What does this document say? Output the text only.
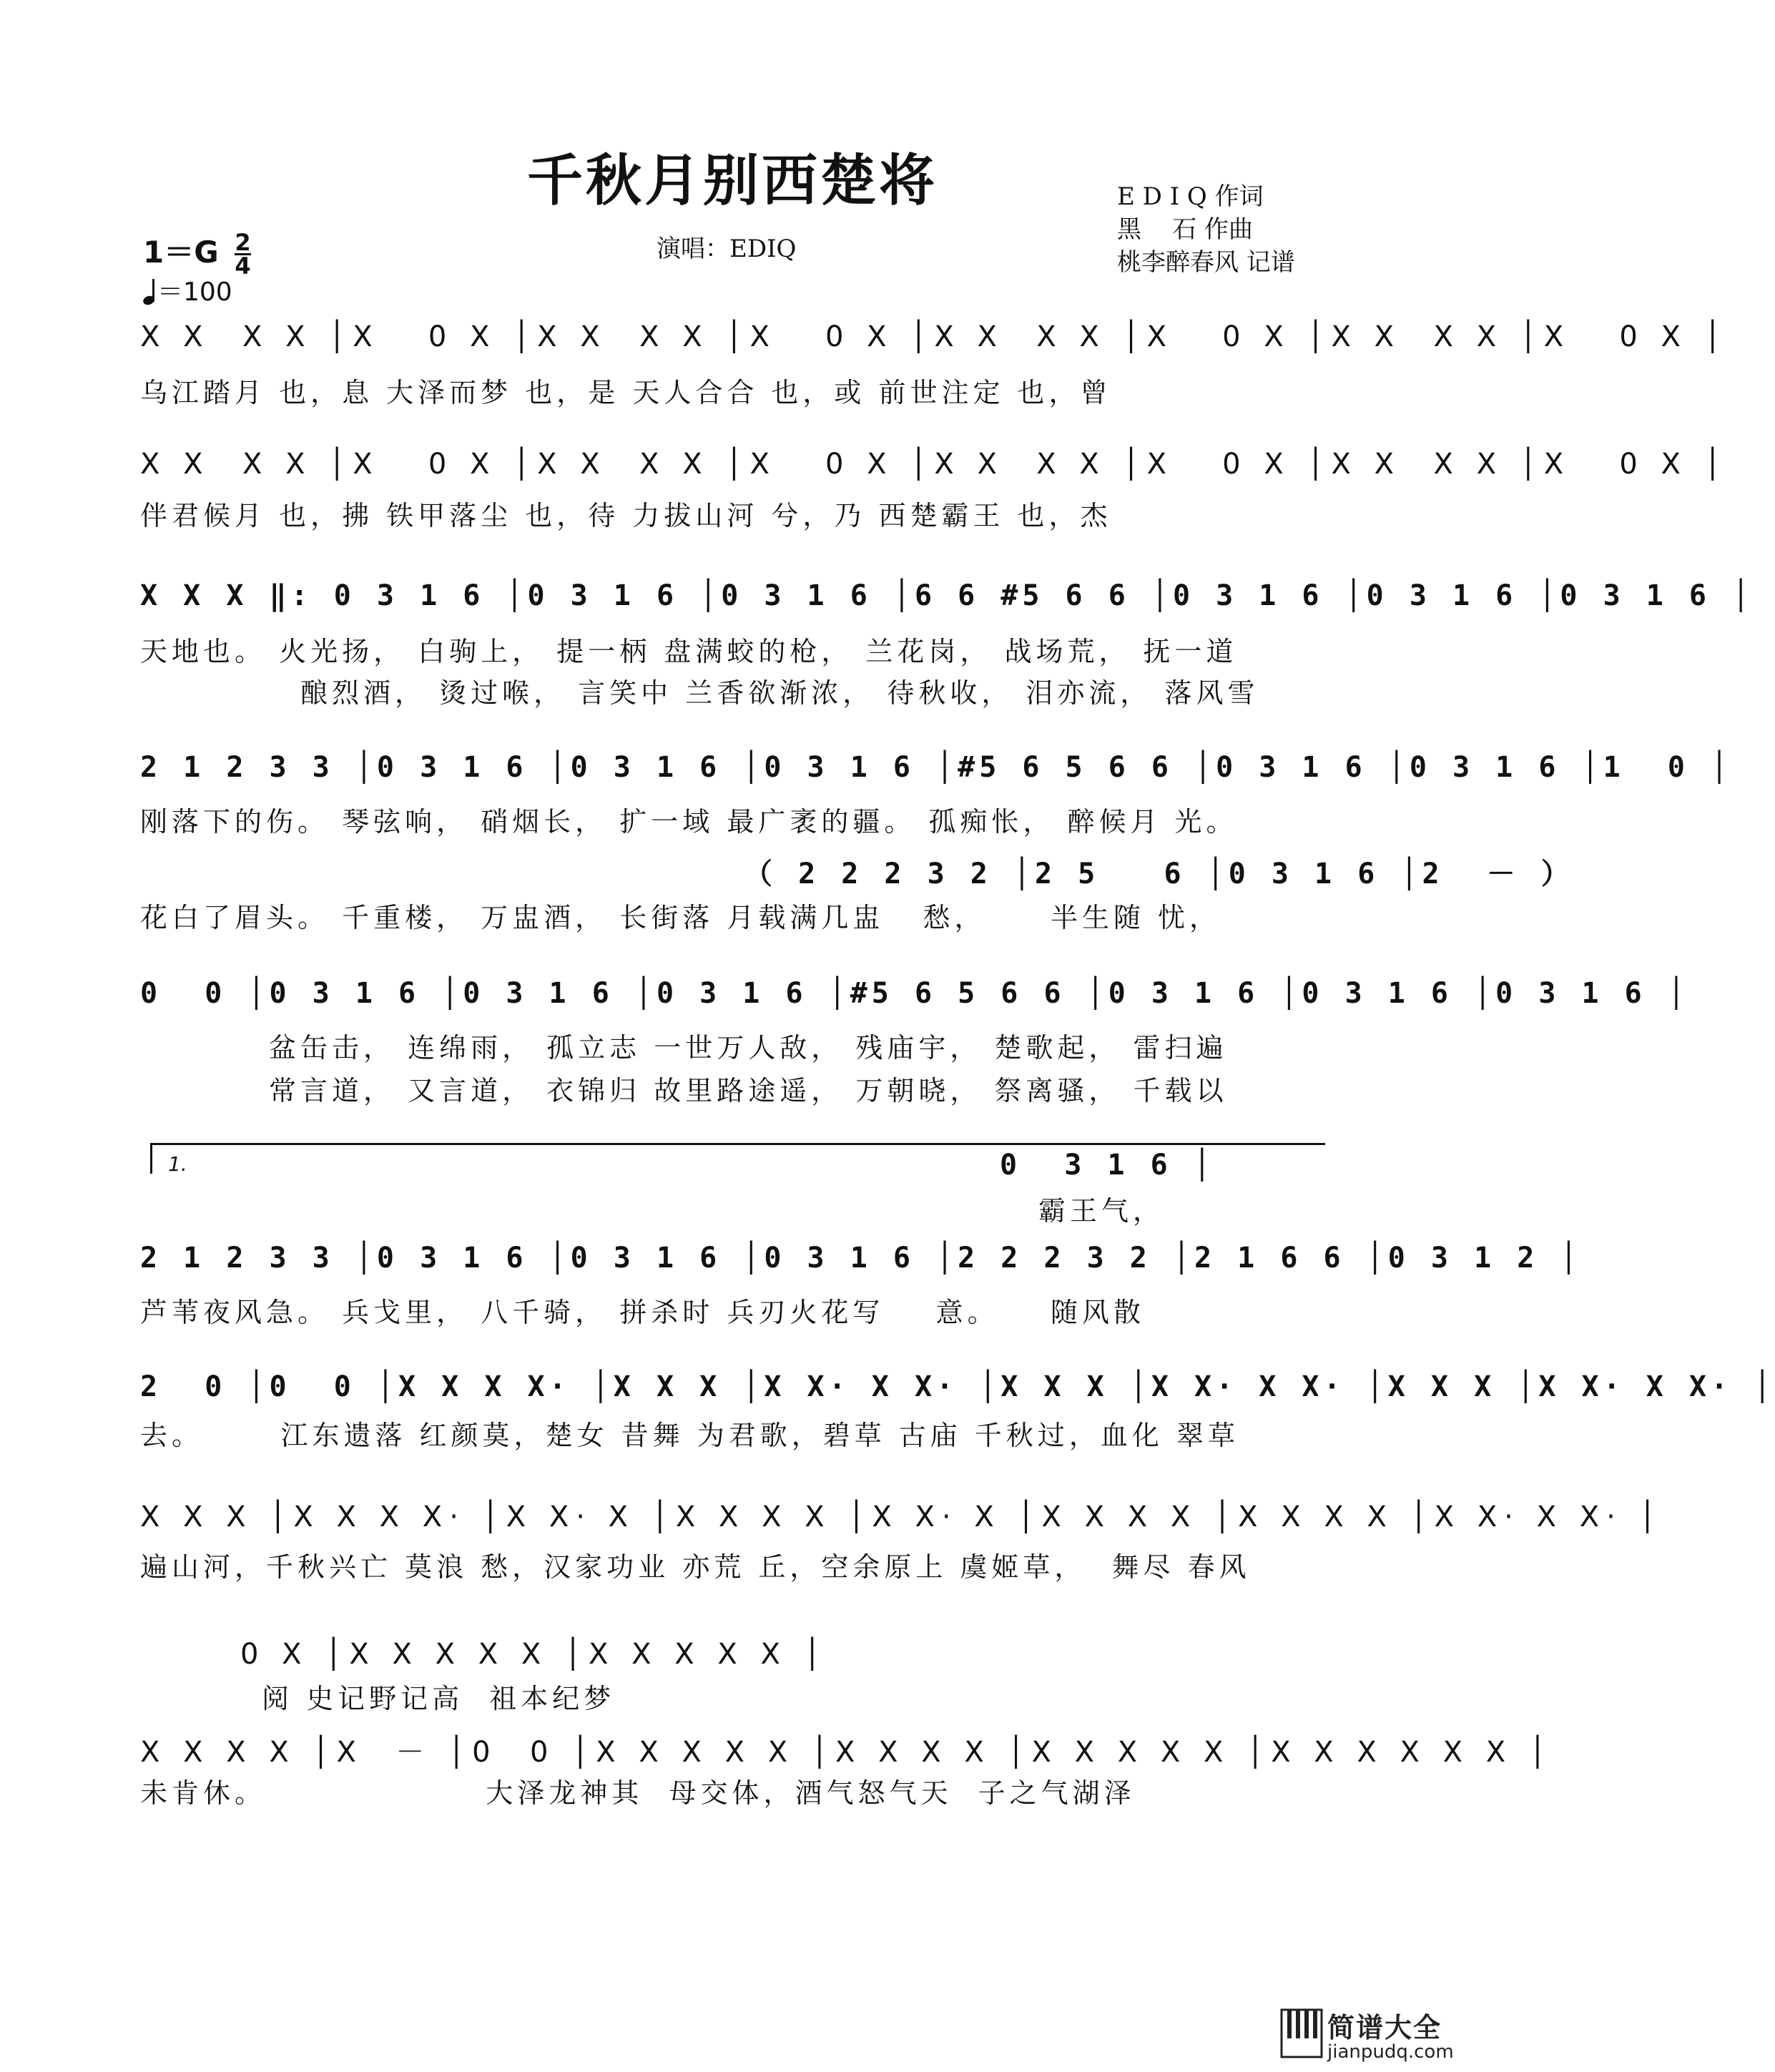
千秋月别西楚将
演唱：EDIQ
E D I Q 作词
黑    石 作曲
桃李醉春风 记谱
$1=G \frac{2}{4}$
＝100
X X  X X │X   0 X │X X  X X │X   0 X │X X  X X │X   0 X │X X  X X │X   0 X │
乌江踏月 也，息 大泽而梦 也，是 天人合合 也，或 前世注定 也，曾
X X  X X │X   0 X │X X  X X │X   0 X │X X  X X │X   0 X │X X  X X │X   0 X │
伴君候月 也，拂 铁甲落尘 也，待 力拔山河 兮，乃 西楚霸王 也，杰
X X X ‖: 0 3 1 6 │0 3 1 6 │0 3 1 6 │6 6 #5 6 6 │0 3 1 6 │0 3 1 6 │0 3 1 6 │
天地也。 火光扬， 白驹上， 提一柄 盘满蛟的枪， 兰花岗， 战场荒， 抚一道
酿烈酒， 烫过喉， 言笑中 兰香欲渐浓， 待秋收， 泪亦流， 落风雪
2 1 2 3 3 │0 3 1 6 │0 3 1 6 │0 3 1 6 │#5 6 5 6 6 │0 3 1 6 │0 3 1 6 │1  0 │
刚落下的伤。 琴弦响， 硝烟长， 扩一域 最广袤的疆。 孤痴怅， 醉候月 光。
（ 2 2 2 3 2 │2 5   6 │0 3 1 6 │2  － ）
花白了眉头。 千重楼， 万盅酒， 长街落 月载满几盅   愁，     半生随 忧，
0  0 │0 3 1 6 │0 3 1 6 │0 3 1 6 │#5 6 5 6 6 │0 3 1 6 │0 3 1 6 │0 3 1 6 │
盆缶击， 连绵雨， 孤立志 一世万人敌， 残庙宇， 楚歌起， 雷扫遍
常言道， 又言道， 衣锦归 故里路途遥， 万朝晓， 祭离骚， 千载以
1.	0  3 1 6 │
霸王气，
2 1 2 3 3 │0 3 1 6 │0 3 1 6 │0 3 1 6 │2 2 2 3 2 │2 1 6 6 │0 3 1 2 │
芦苇夜风急。 兵戈里， 八千骑， 拼杀时 兵刃火花写    意。    随风散
2  0 │0  0 │X X X X· │X X X │X X· X X· │X X X │X X· X X· │X X X │X X· X X· │
去。      江东遗落 红颜莫，楚女 昔舞 为君歌，碧草 古庙 千秋过，血化 翠草
X X X │X X X X· │X X· X │X X X X │X X· X │X X X X │X X X X │X X· X X· │
遍山河，千秋兴亡 莫浪 愁，汉家功业 亦荒 丘，空余原上 虞姬草，  舞尽 春风
0 X │X X X X X │X X X X X │
阅 史记野记高  祖本纪梦
X X X X │X  － │0  0 │X X X X X │X X X X │X X X X X │X X X X X X │
未肯休。                 大泽龙神其  母交体，酒气怒气天  子之气湖泽
简谱大全
jianpudq.com
